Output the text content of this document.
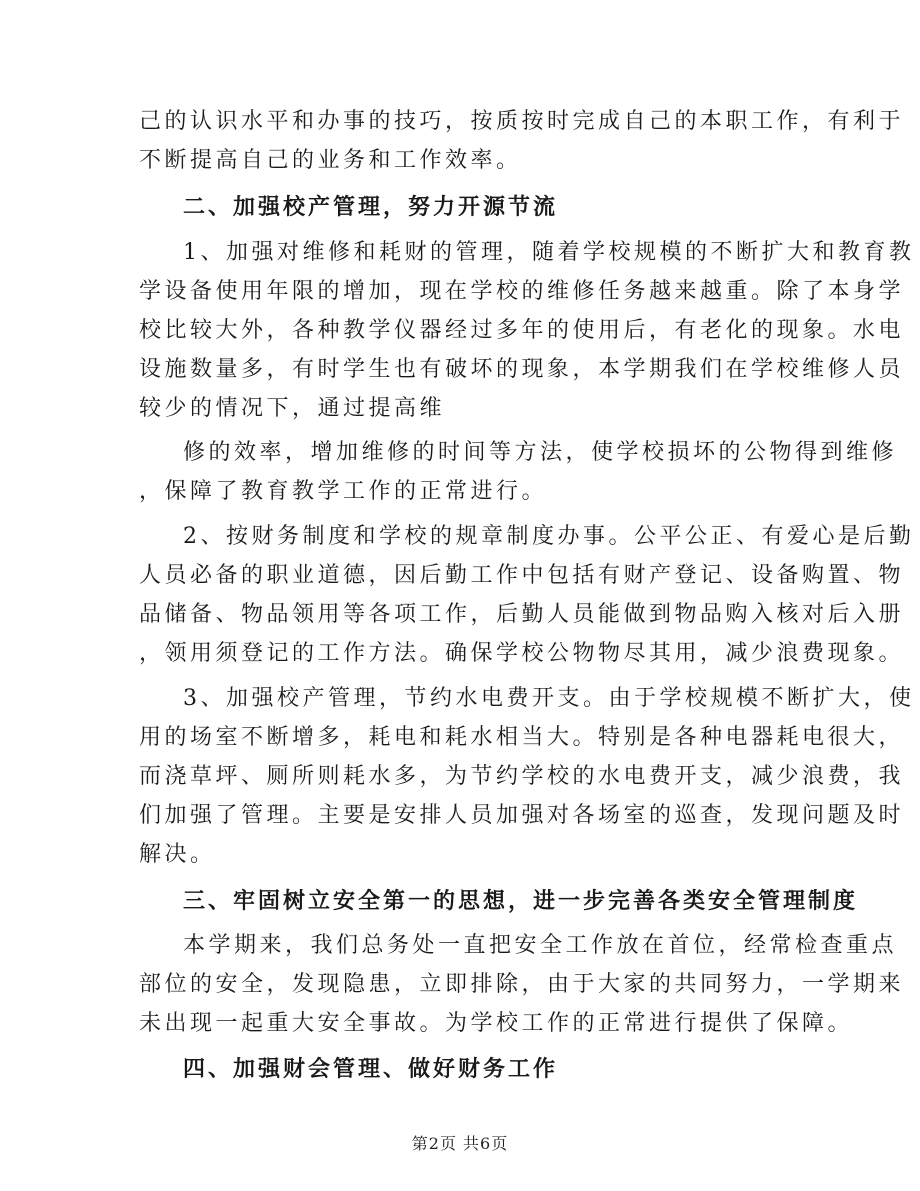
己的认识水平和办事的技巧，按质按时完成自己的本职工作，有利于
不断提高自己的业务和工作效率。
二、加强校产管理，努力开源节流
1、加强对维修和耗财的管理，随着学校规模的不断扩大和教育教
学设备使用年限的增加，现在学校的维修任务越来越重。除了本身学
校比较大外，各种教学仪器经过多年的使用后，有老化的现象。水电
设施数量多，有时学生也有破坏的现象，本学期我们在学校维修人员
较少的情况下，通过提高维
修的效率，增加维修的时间等方法，使学校损坏的公物得到维修
，保障了教育教学工作的正常进行。
2、按财务制度和学校的规章制度办事。公平公正、有爱心是后勤
人员必备的职业道德，因后勤工作中包括有财产登记、设备购置、物
品储备、物品领用等各项工作，后勤人员能做到物品购入核对后入册
，领用须登记的工作方法。确保学校公物物尽其用，减少浪费现象。
3、加强校产管理，节约水电费开支。由于学校规模不断扩大，使
用的场室不断增多，耗电和耗水相当大。特别是各种电器耗电很大，
而浇草坪、厕所则耗水多，为节约学校的水电费开支，减少浪费，我
们加强了管理。主要是安排人员加强对各场室的巡查，发现问题及时
解决。
三、牢固树立安全第一的思想，进一步完善各类安全管理制度
本学期来，我们总务处一直把安全工作放在首位，经常检查重点
部位的安全，发现隐患，立即排除，由于大家的共同努力，一学期来
未出现一起重大安全事故。为学校工作的正常进行提供了保障。
四、加强财会管理、做好财务工作
第2页 共6页
